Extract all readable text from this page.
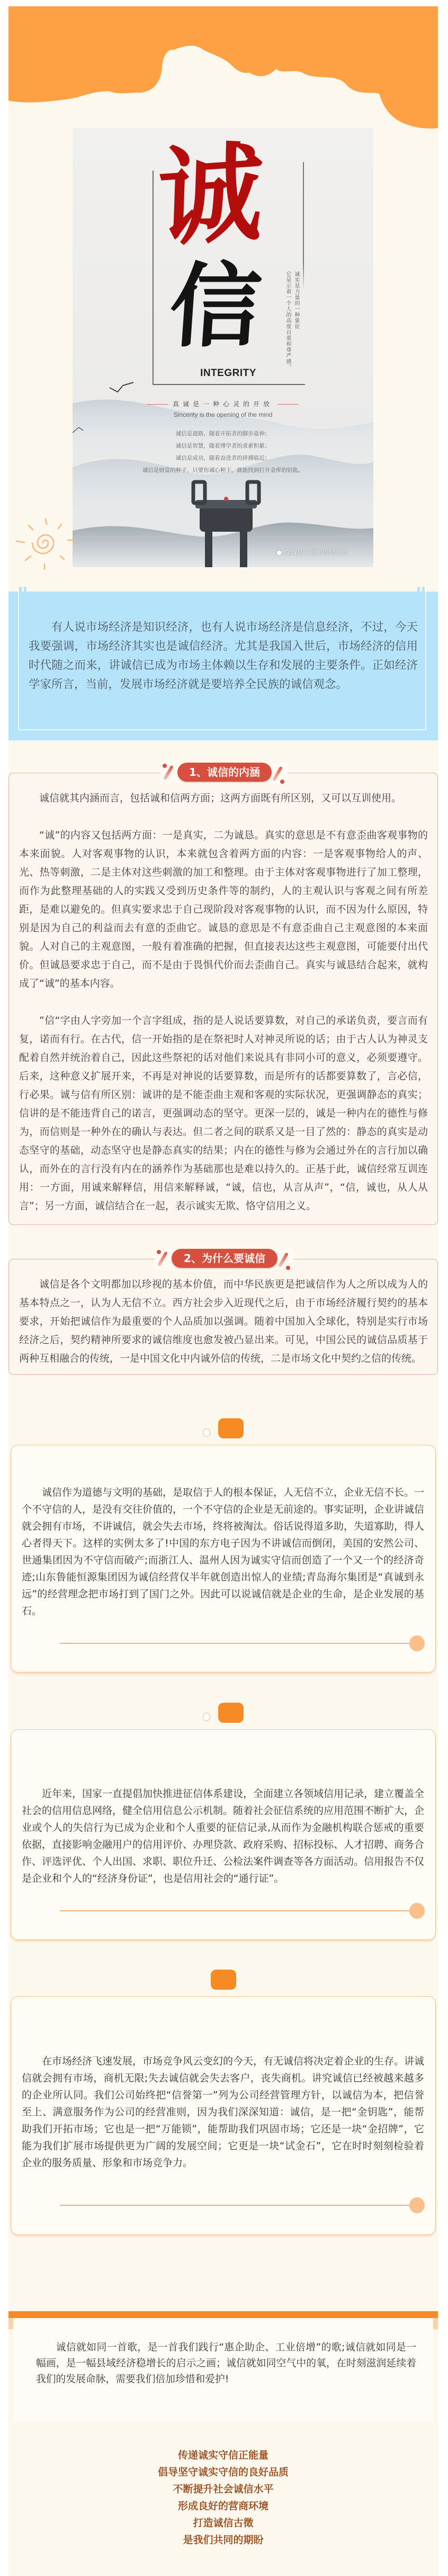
诚
信
INTEGRITY
诚实是力量的一种象征
它显示着一个人的高度自重和尊严感。
真诚是一种心灵的开放
Sincerity is the opening of the mind
诚信是道路，随着开拓者的脚步延伸；
诚信是智慧，随着博学者的求索积累；
诚信是成功，随着奋进者的拼搏临近；
诚信是财富的种子，只要你诚心种下，就能找到打开金库的钥匙。
● 澄城县工业和信息化局

有人说市场经济是知识经济，也有人说市场经济是信息经济，不过，今天我要强调，市场经济其实也是诚信经济。尤其是我国入世后，市场经济的信用时代随之而来，讲诚信已成为市场主体赖以生存和发展的主要条件。正如经济学家所言，当前，发展市场经济就是要培养全民族的诚信观念。

1、诚信的内涵

诚信就其内涵而言，包括诚和信两方面；这两方面既有所区别，又可以互训使用。

“诚”的内容又包括两方面：一是真实，二为诚恳。真实的意思是不有意歪曲客观事物的本来面貌。人对客观事物的认识，本来就包含着两方面的内容：一是客观事物给人的声、光、热等刺激，二是主体对这些刺激的加工和整理。由于主体对客观事物进行了加工整理，而作为此整理基础的人的实践又受到历史条件等的制约，人的主观认识与客观之间有所差距，是难以避免的。但真实要求忠于自己现阶段对客观事物的认识，而不因为什么原因，特别是因为自己的利益而去有意的歪曲它。诚恳的意思是不有意歪曲自己主观意图的本来面貌。人对自己的主观意图，一般有着准确的把握，但直接表达这些主观意图，可能要付出代价。但诚恳要求忠于自己，而不是由于畏惧代价而去歪曲自己。真实与诚恳结合起来，就构成了“诚”的基本内容。

”信“字由人字旁加一个言字组成，指的是人说话要算数，对自己的承诺负责，要言而有复，诺而有行。在古代，信一开始指的是在祭祀时人对神灵所说的话；由于古人认为神灵支配着自然并统治着自己，因此这些祭祀的话对他们来说具有非同小可的意义，必须要遵守。后来，这种意义扩展开来，不再是对神说的话要算数，而是所有的话都要算数了，言必信，行必果。诚与信有所区别：诚讲的是不能歪曲主观和客观的实际状况，更强调静态的真实；信讲的是不能违背自己的诺言，更强调动态的坚守。更深一层的，诚是一种内在的德性与修为，而信则是一种外在的确认与表达。但二者之间的联系又是一目了然的：静态的真实是动态坚守的基础，动态坚守也是静态真实的结果；内在的德性与修为会通过外在的言行加以确认，而外在的言行没有内在的涵养作为基础那也是难以持久的。正基于此，诚信经常互训连用：一方面，用诚来解释信，用信来解释诚，“诚，信也，从言从声”，“信，诚也，从人从言”；另一方面，诚信结合在一起，表示诚实无欺、恪守信用之义。

2、为什么要诚信

诚信是各个文明都加以珍视的基本价值，而中华民族更是把诚信作为人之所以成为人的基本特点之一，认为人无信不立。西方社会步入近现代之后，由于市场经济履行契约的基本要求，开始把诚信作为最重要的个人品质加以强调。随着中国加入全球化，特别是实行市场经济之后，契约精神所要求的诚信维度也愈发被凸显出来。可见，中国公民的诚信品质基于两种互相融合的传统，一是中国文化中内诚外信的传统，二是市场文化中契约之信的传统。

诚信作为道德与文明的基础，是取信于人的根本保证，人无信不立，企业无信不长。一个不守信的人，是没有交往价值的，一个不守信的企业是无前途的。事实证明，企业讲诚信就会拥有市场，不讲诚信，就会失去市场，终将被淘汰。俗话说得道多助，失道寡助，得人心者得天下。这样的实例太多了!中国的东方电子因为不讲诚信而倒闭，美国的安然公司、世通集团因为不守信而破产;而浙江人、温州人因为诚实守信而创造了一个又一个的经济奇迹;山东鲁能恒源集团因为诚信经营仅半年就创造出惊人的业绩;青岛海尔集团是“真诚到永远”的经营理念把市场打到了国门之外。因此可以说诚信就是企业的生命，是企业发展的基石。

近年来，国家一直提倡加快推进征信体系建设，全面建立各领域信用记录，建立覆盖全社会的信用信息网络，健全信用信息公示机制。随着社会征信系统的应用范围不断扩大，企业或个人的失信行为已成为企业和个人重要的征信记录,从而作为金融机构联合惩戒的重要依据，直接影响金融用户的信用评价、办理贷款、政府采购、招标投标、人才招聘、商务合作、评选评优、个人出国、求职、职位升迁、公检法案件调查等各方面活动。信用报告不仅是企业和个人的“经济身份证”，也是信用社会的“通行证”。

在市场经济飞速发展，市场竞争风云变幻的今天，有无诚信将决定着企业的生存。讲诚信就会拥有市场，商机无限;失去诚信就会失去客户，丧失商机。讲究诚信已经被越来越多的企业所认同。我们公司始终把“信誉第一”列为公司经营管理方针，以诚信为本，把信誉至上、满意服务作为公司的经营准则，因为我们深深知道：诚信，是一把“金钥匙”，能帮助我们开拓市场；它也是一把“万能锁”，能帮助我们巩固市场；它还是一块“金招牌”，它能为我们扩展市场提供更为广阔的发展空间；它更是一块“试金石”，它在时时刻刻检验着企业的服务质量、形象和市场竞争力。

诚信就如同一首歌，是一首我们践行“惠企助企、工业倍增”的歌;诚信就如同是一幅画，是一幅县域经济稳增长的启示之画；诚信就如同空气中的氧，在时刻滋润延续着我们的发展命脉，需要我们倍加珍惜和爱护!

传递诚实守信正能量
倡导坚守诚实守信的良好品质
不断提升社会诚信水平
形成良好的营商环境
打造诚信古徵
是我们共同的期盼
